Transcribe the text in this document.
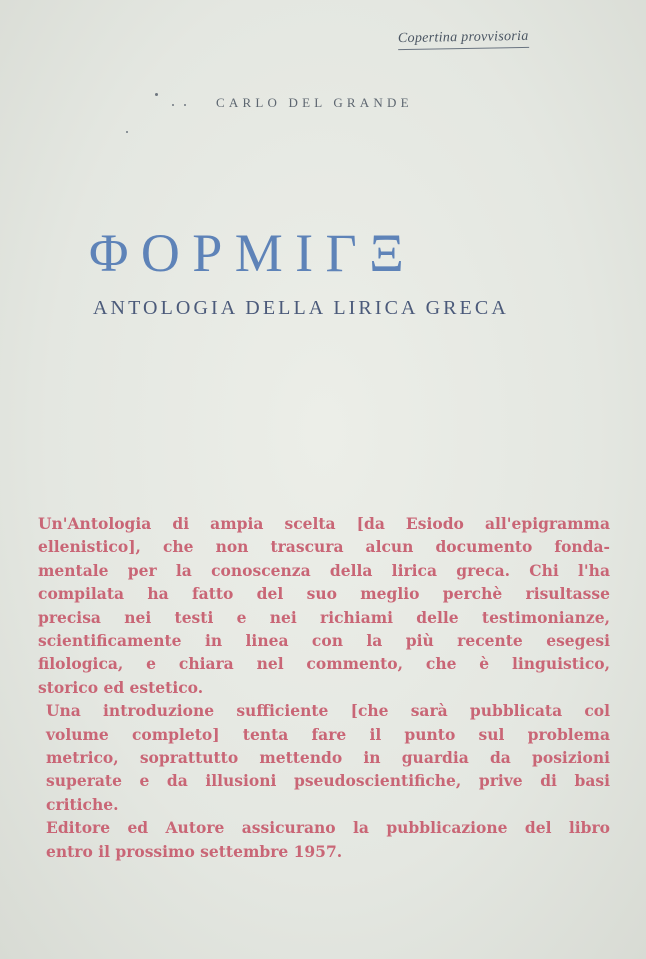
Copertina provvisoria
CARLO DEL GRANDE
ΦΟΡΜΙΓΞ
ANTOLOGIA DELLA LIRICA GRECA
Un'Antologia di ampia scelta [da Esiodo all'epigramma
ellenistico], che non trascura alcun documento fonda-
mentale per la conoscenza della lirica greca. Chi l'ha
compilata ha fatto del suo meglio perchè risultasse
precisa nei testi e nei richiami delle testimonianze,
scientificamente in linea con la più recente esegesi
filologica, e chiara nel commento, che è linguistico,
storico ed estetico.
Una introduzione sufficiente [che sarà pubblicata col
volume completo] tenta fare il punto sul problema
metrico, soprattutto mettendo in guardia da posizioni
superate e da illusioni pseudoscientifiche, prive di basi
critiche.
Editore ed Autore assicurano la pubblicazione del libro
entro il prossimo settembre 1957.
